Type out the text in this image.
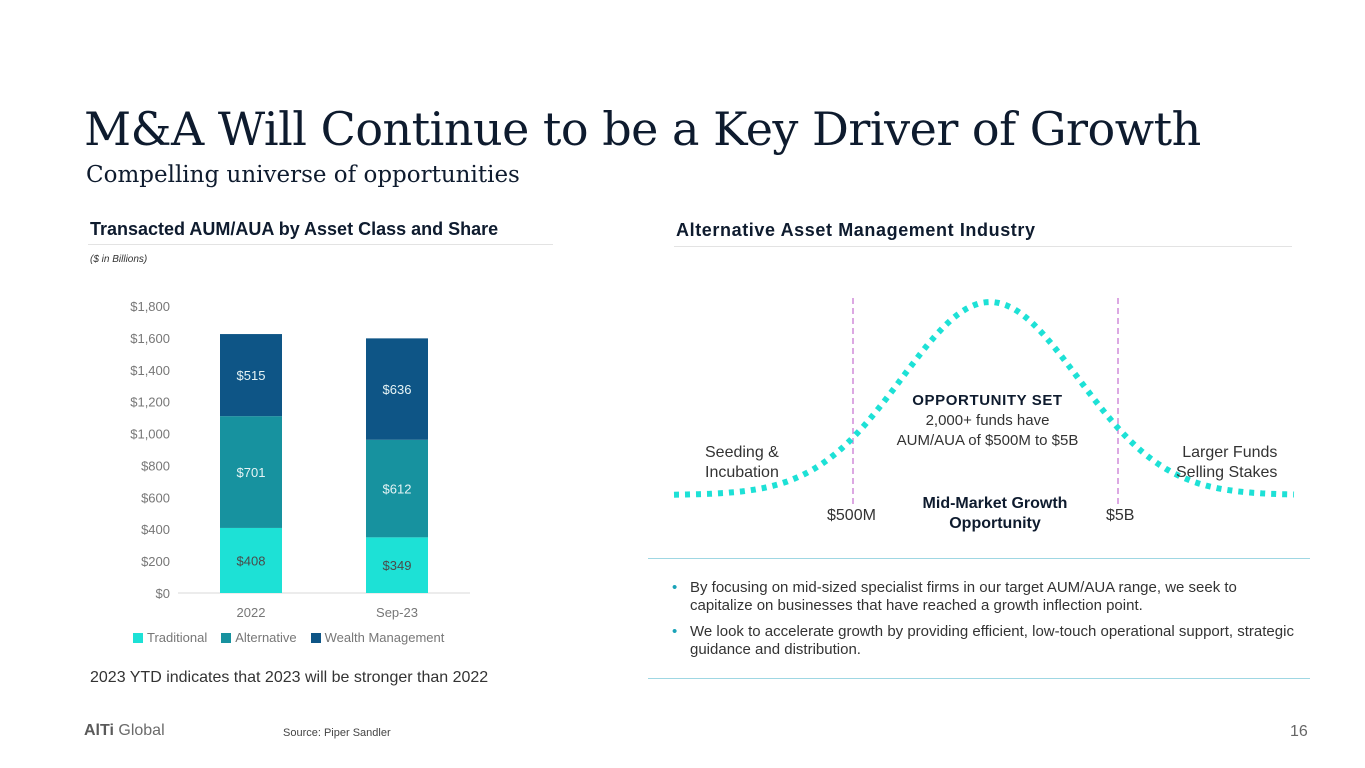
M&A Will Continue to be a Key Driver of Growth
Compelling universe of opportunities
Transacted AUM/AUA by Asset Class and Share
($ in Billions)
$0
$200
$400
$600
$800
$1,000
$1,200
$1,400
$1,600
$1,800
$408
$701
$515
2022
$349
$612
$636
Sep-23
Traditional Alternative Wealth Management
2023 YTD indicates that 2023 will be stronger than 2022
Alternative Asset Management Industry
Seeding &
Incubation
Larger Funds
Selling Stakes
OPPORTUNITY SET
2,000+ funds have
AUM/AUA of $500M to $5B
Mid-Market Growth
Opportunity
$500M	$5B
• By focusing on mid-sized specialist firms in our target AUM/AUA range, we seek to capitalize on businesses that have reached a growth inflection point.
• We look to accelerate growth by providing efficient, low-touch operational support, strategic guidance and distribution.
AlTi Global	Source: Piper Sandler	16
